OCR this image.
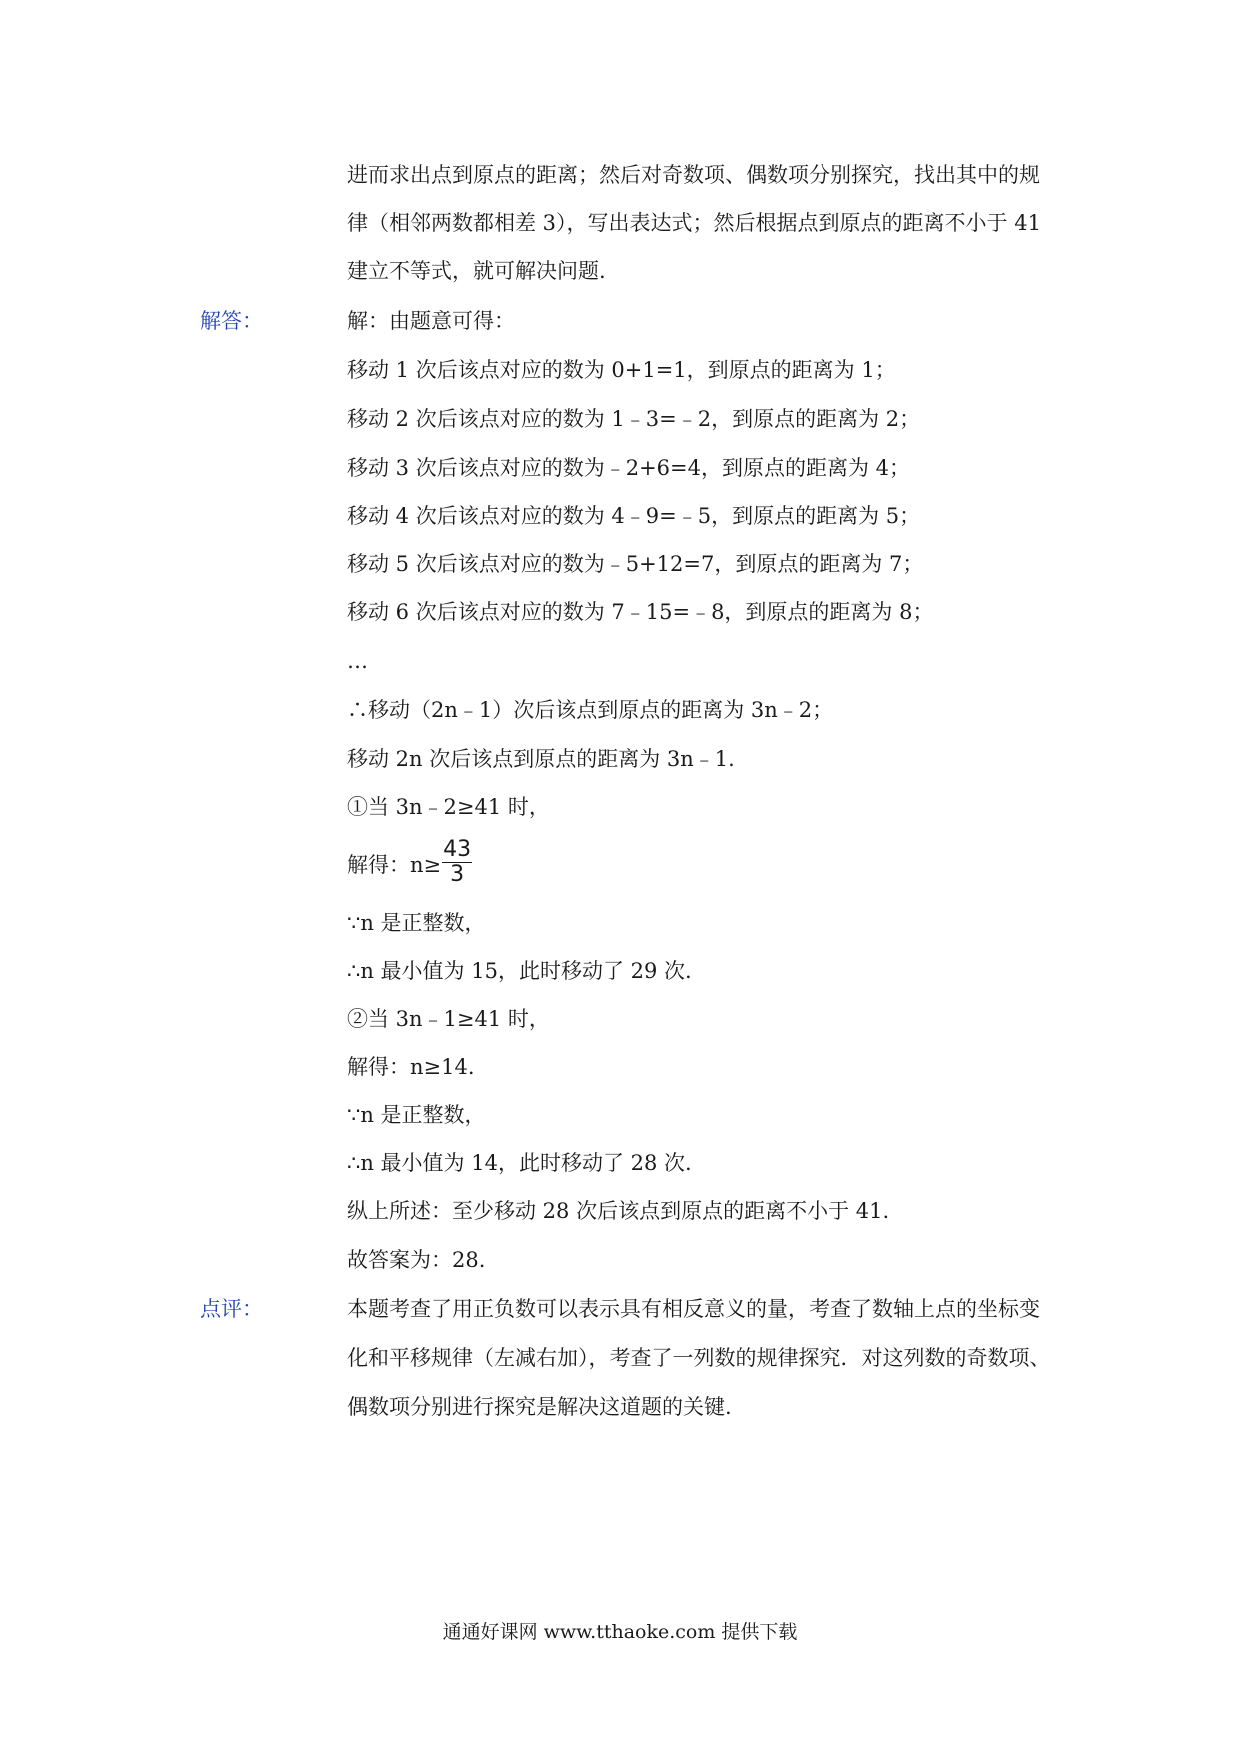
进而求出点到原点的距离；然后对奇数项、偶数项分别探究，找出其中的规
律（相邻两数都相差 3），写出表达式；然后根据点到原点的距离不小于 41
建立不等式，就可解决问题.
解答：	解：由题意可得：
移动 1 次后该点对应的数为 0+1=1，到原点的距离为 1；
移动 2 次后该点对应的数为 1﹣3=﹣2，到原点的距离为 2；
移动 3 次后该点对应的数为﹣2+6=4，到原点的距离为 4；
移动 4 次后该点对应的数为 4﹣9=﹣5，到原点的距离为 5；
移动 5 次后该点对应的数为﹣5+12=7，到原点的距离为 7；
移动 6 次后该点对应的数为 7﹣15=﹣8，到原点的距离为 8；
…
∴移动（2n﹣1）次后该点到原点的距离为 3n﹣2；
移动 2n 次后该点到原点的距离为 3n﹣1.
①当 3n﹣2≥41 时，
解得：$n\ge \frac{43}{3}$
∵n 是正整数，
∴n 最小值为 15，此时移动了 29 次.
②当 3n﹣1≥41 时，
解得：n≥14.
∵n 是正整数，
∴n 最小值为 14，此时移动了 28 次.
纵上所述：至少移动 28 次后该点到原点的距离不小于 41.
故答案为：28.
点评：	本题考查了用正负数可以表示具有相反意义的量，考查了数轴上点的坐标变
化和平移规律（左减右加），考查了一列数的规律探究．对这列数的奇数项、
偶数项分别进行探究是解决这道题的关键.
通通好课网 www.tthaoke.com 提供下载
